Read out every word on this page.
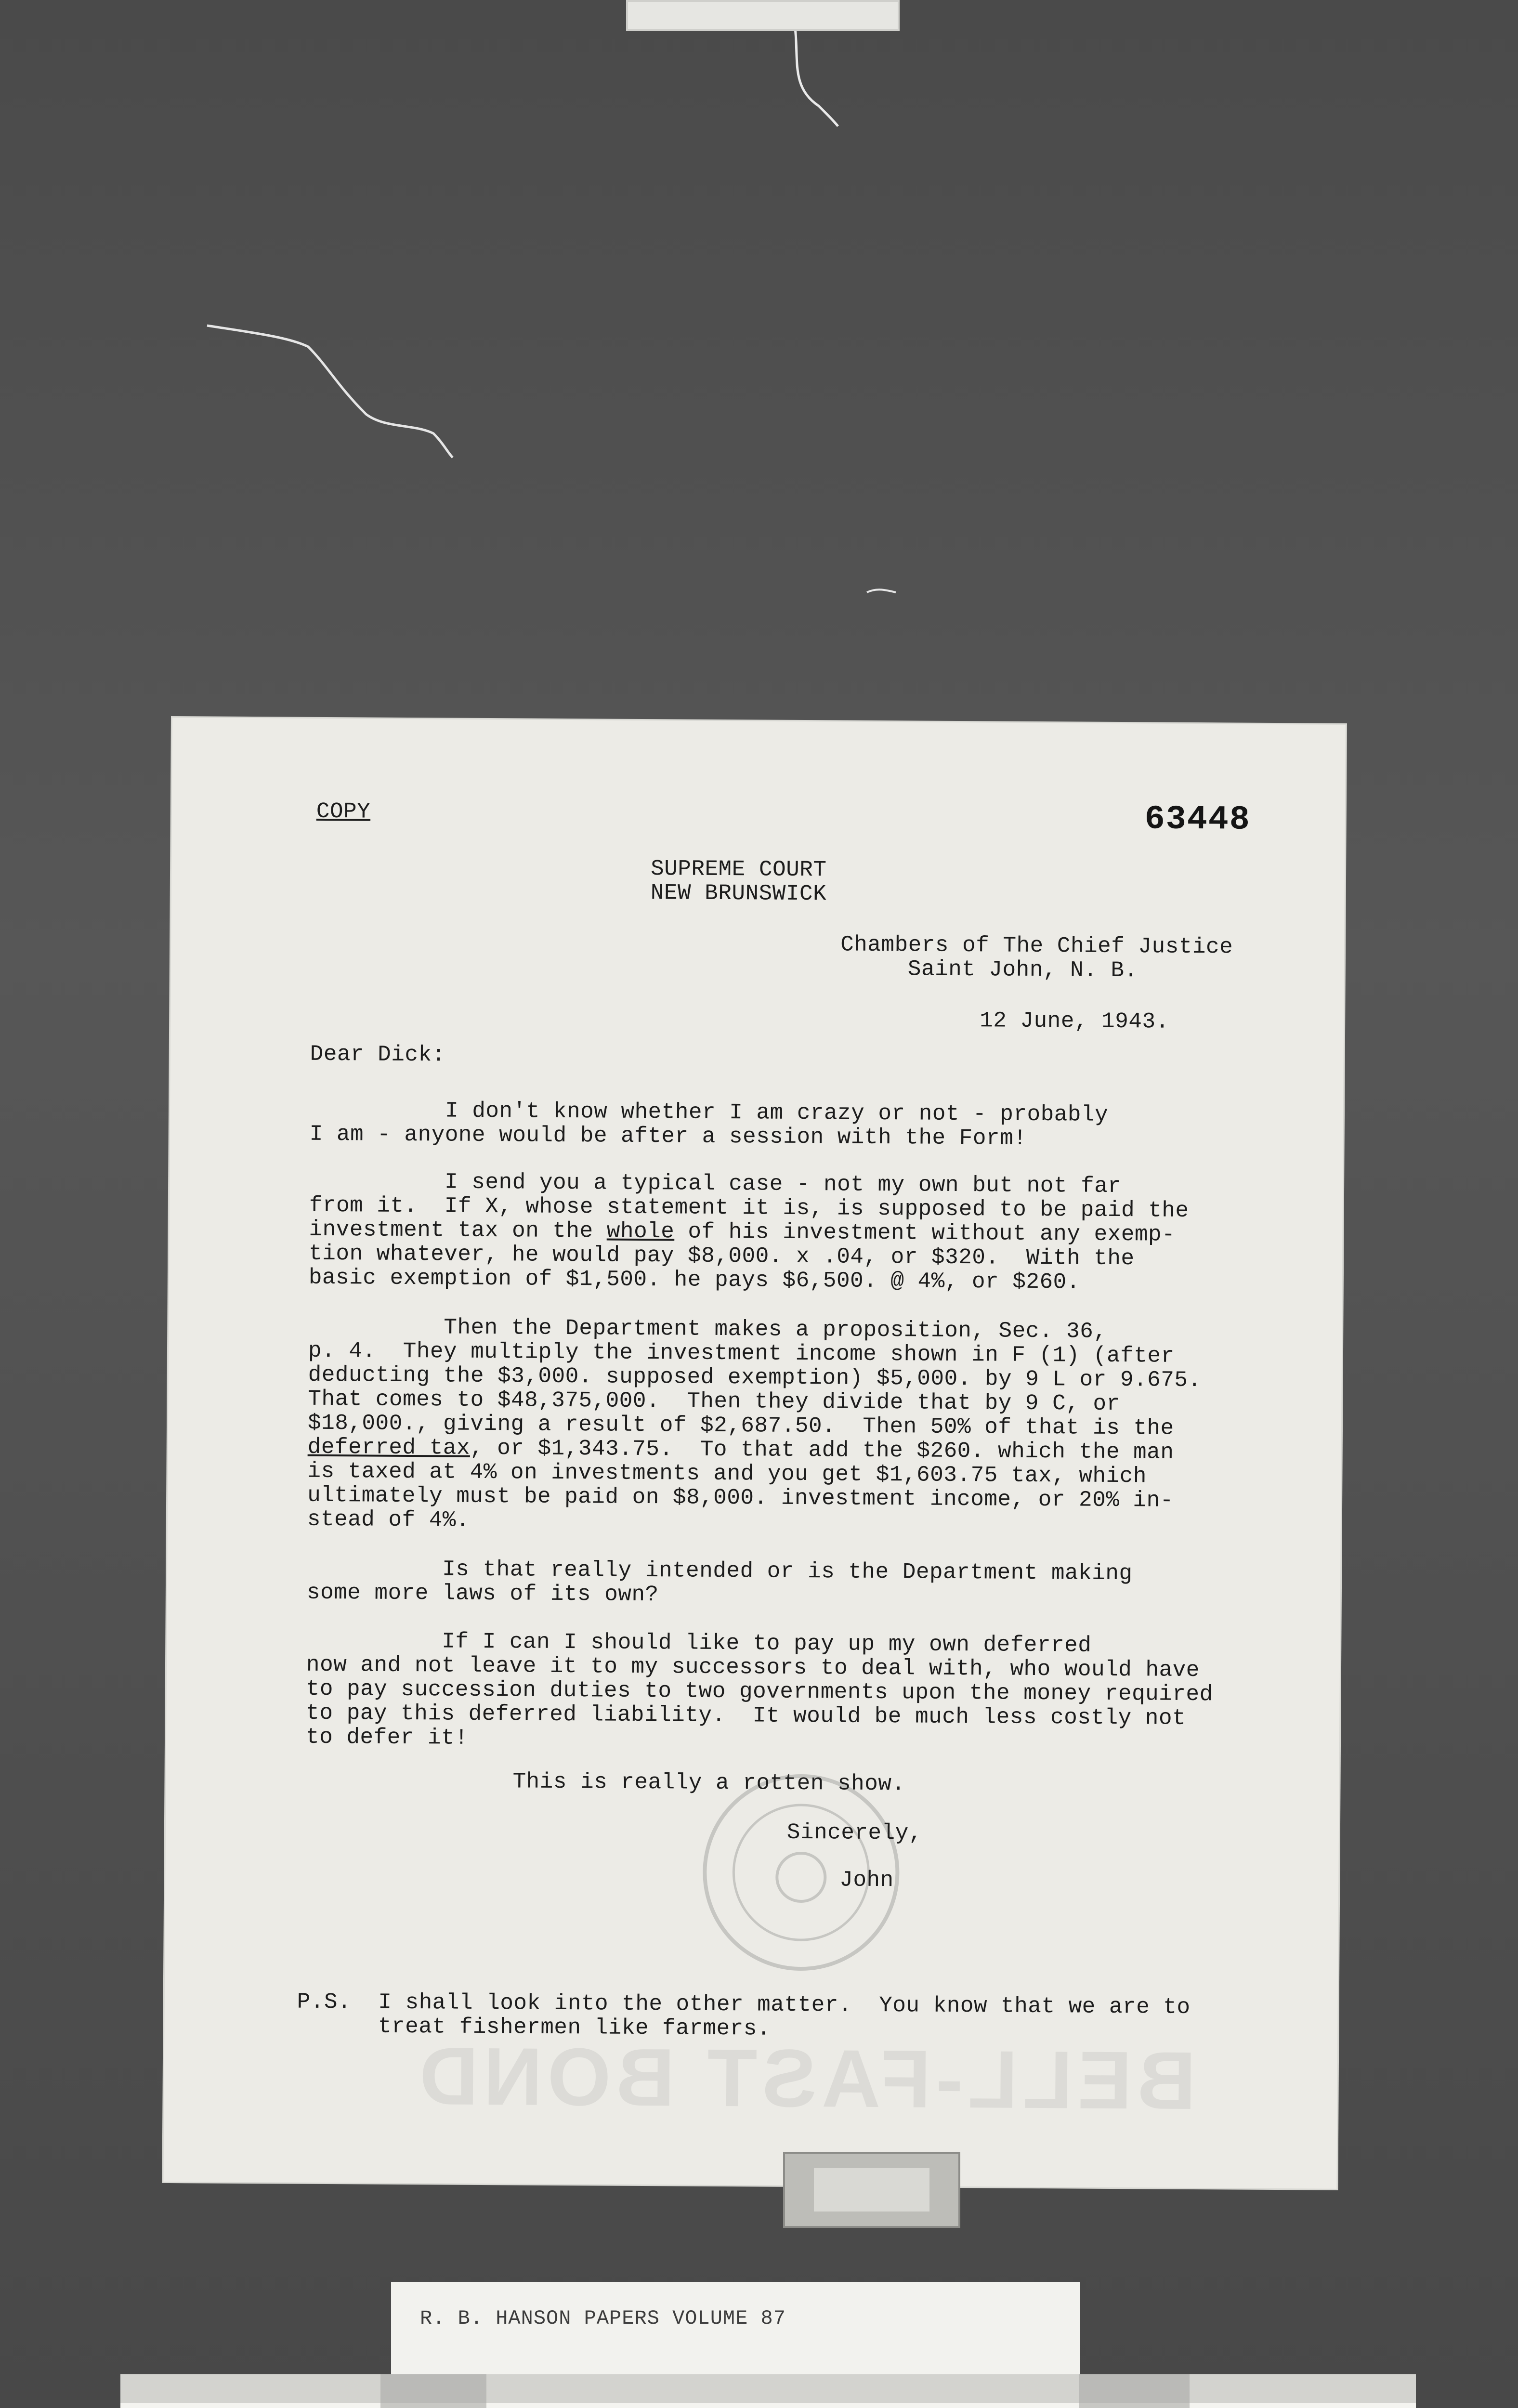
COPY	63448
SUPREME COURT
NEW BRUNSWICK
Chambers of The Chief Justice
Saint John, N. B.
12 June, 1943.
Dear Dick:
I don't know whether I am crazy or not - probably
I am - anyone would be after a session with the Form!
I send you a typical case - not my own but not far
from it.  If X, whose statement it is, is supposed to be paid the
investment tax on the whole of his investment without any exemp-
tion whatever, he would pay $8,000. x .04, or $320.  With the
basic exemption of $1,500. he pays $6,500. @ 4%, or $260.
Then the Department makes a proposition, Sec. 36,
p. 4.  They multiply the investment income shown in F (1) (after
deducting the $3,000. supposed exemption) $5,000. by 9 L or 9.675.
That comes to $48,375,000.  Then they divide that by 9 C, or
$18,000., giving a result of $2,687.50.  Then 50% of that is the
deferred tax, or $1,343.75.  To that add the $260. which the man
is taxed at 4% on investments and you get $1,603.75 tax, which
ultimately must be paid on $8,000. investment income, or 20% in-
stead of 4%.
Is that really intended or is the Department making
some more laws of its own?
If I can I should like to pay up my own deferred
now and not leave it to my successors to deal with, who would have
to pay succession duties to two governments upon the money required
to pay this deferred liability.  It would be much less costly not
to defer it!
This is really a rotten show.
Sincerely,
John
P.S.  I shall look into the other matter.  You know that we are to
treat fishermen like farmers.
BELL-FAST BOND
R. B. HANSON PAPERS VOLUME 87
